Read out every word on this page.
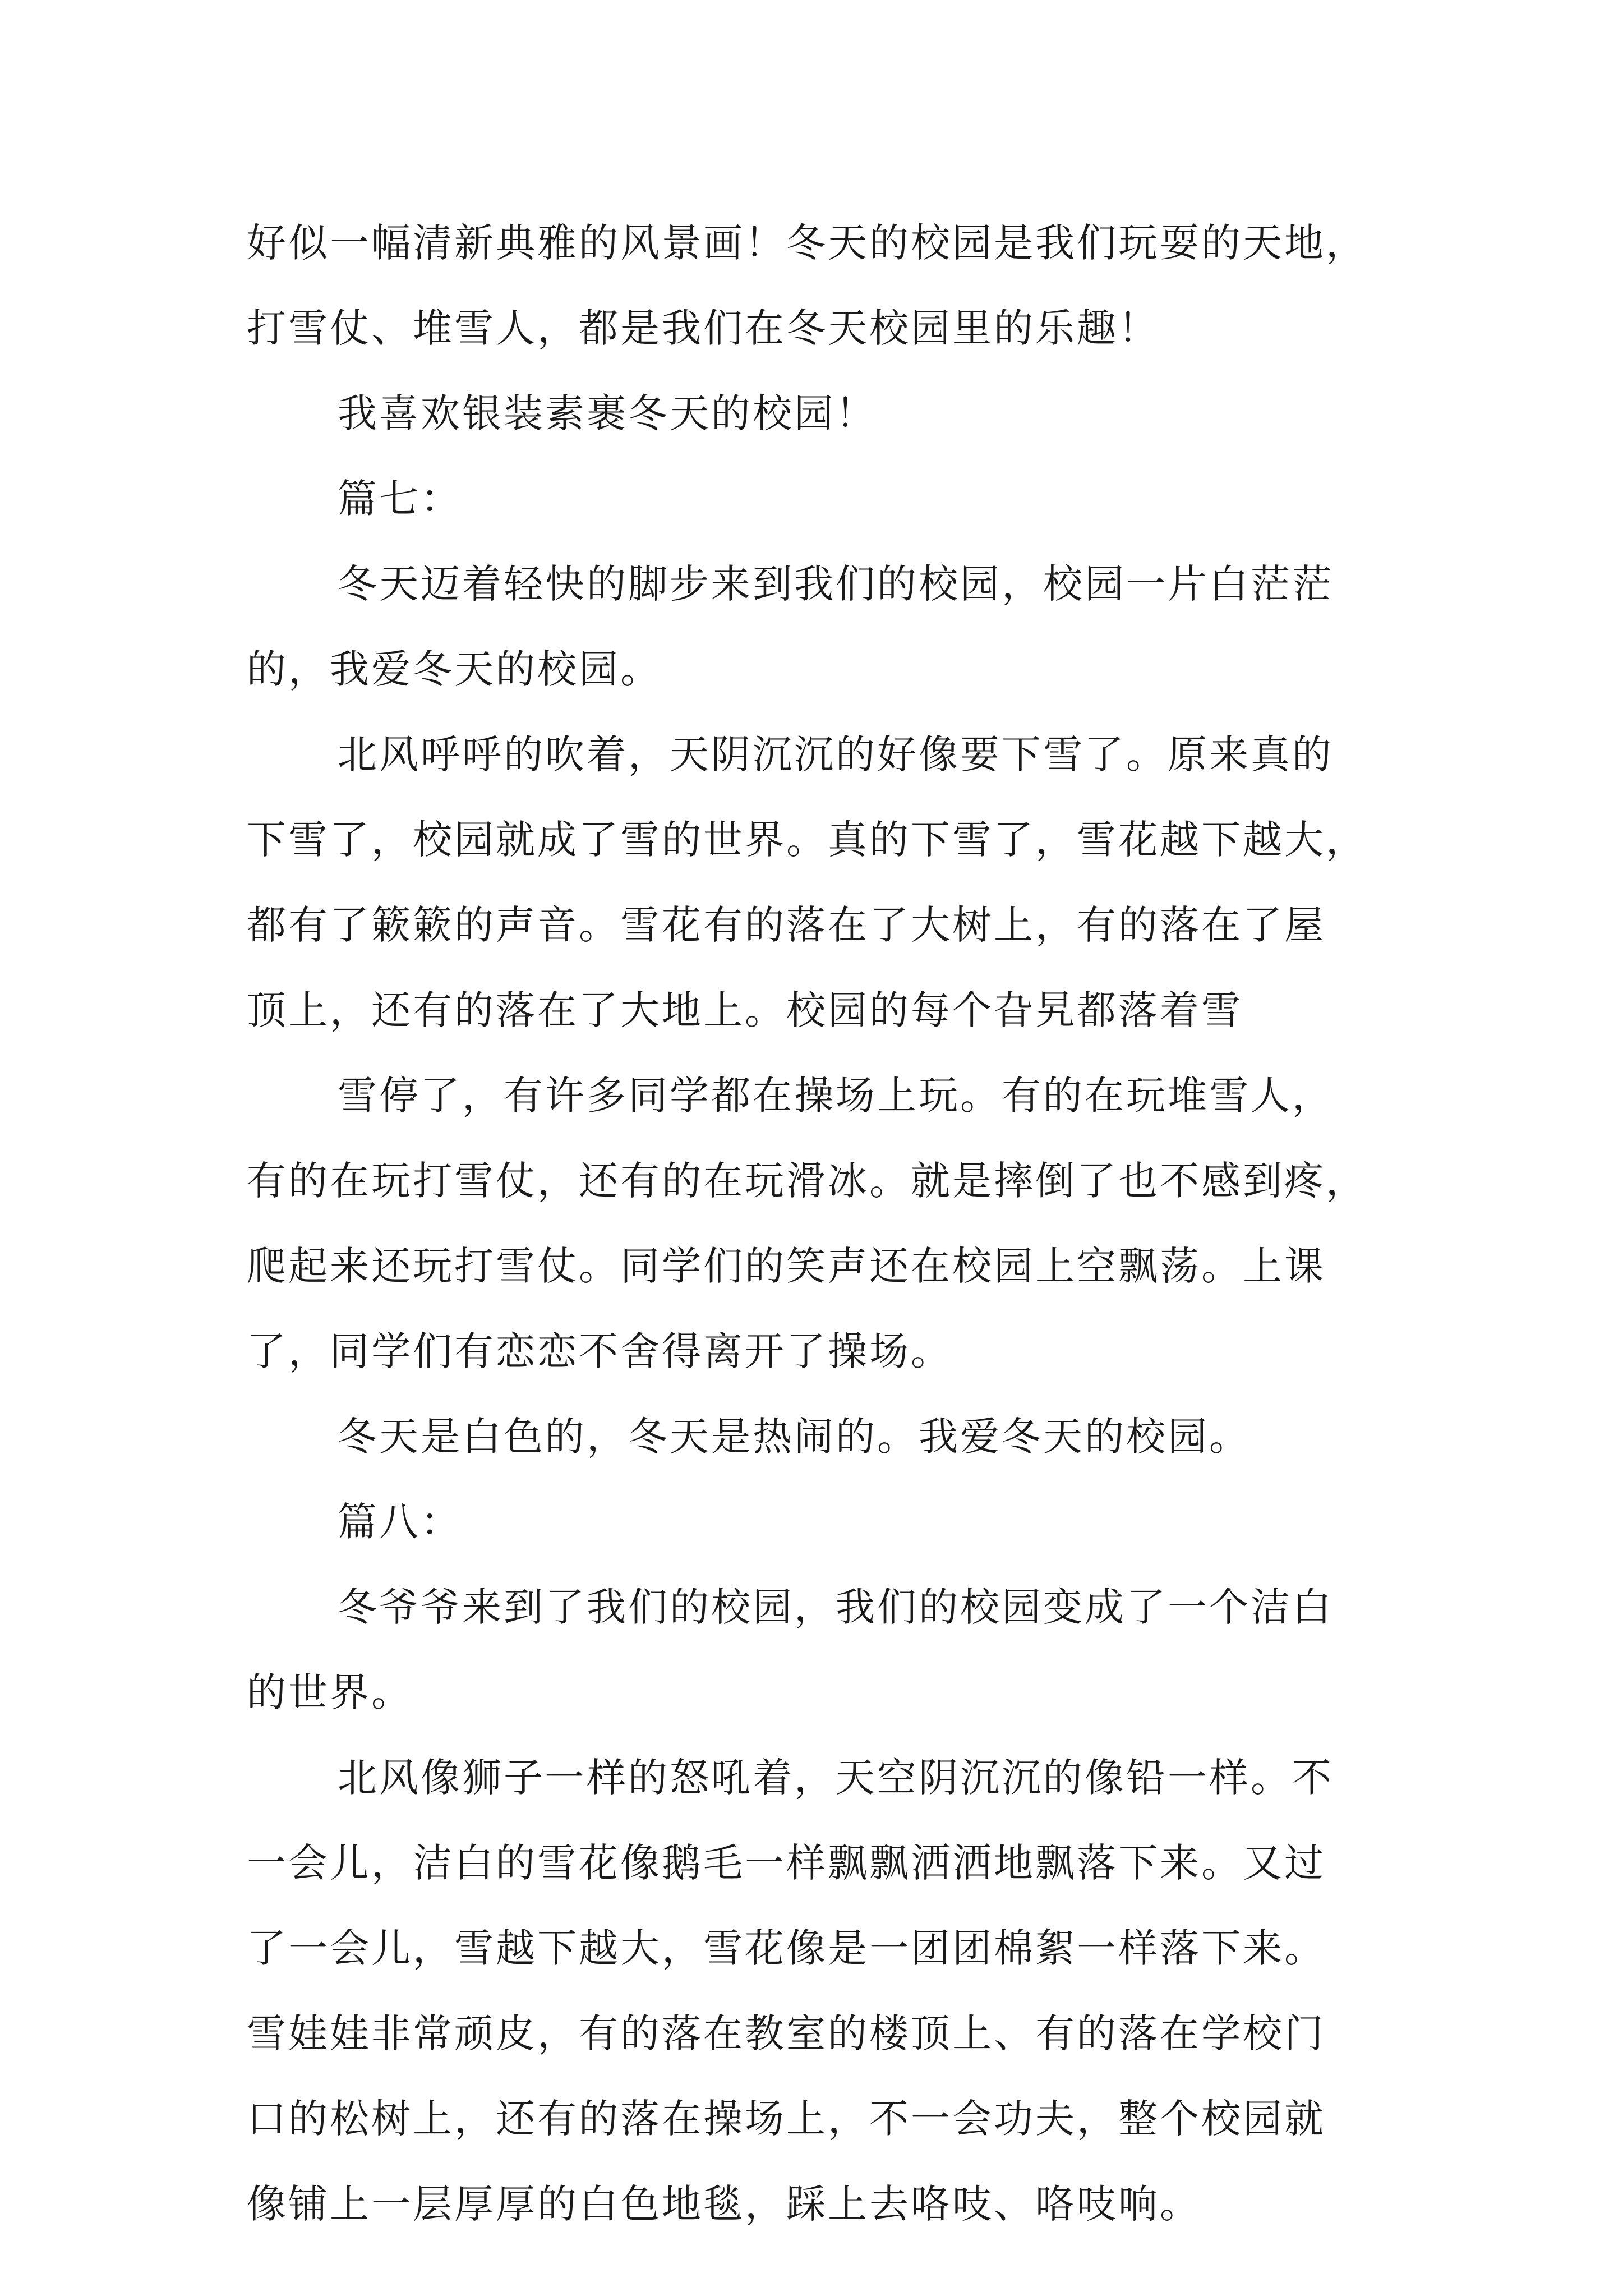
好似一幅清新典雅的风景画！冬天的校园是我们玩耍的天地，
打雪仗、堆雪人，都是我们在冬天校园里的乐趣！
我喜欢银装素裹冬天的校园！
篇七：
冬天迈着轻快的脚步来到我们的校园，校园一片白茫茫
的，我爱冬天的校园。
北风呼呼的吹着，天阴沉沉的好像要下雪了。原来真的
下雪了，校园就成了雪的世界。真的下雪了，雪花越下越大，
都有了簌簌的声音。雪花有的落在了大树上，有的落在了屋
顶上，还有的落在了大地上。校园的每个旮旯都落着雪
雪停了，有许多同学都在操场上玩。有的在玩堆雪人，
有的在玩打雪仗，还有的在玩滑冰。就是摔倒了也不感到疼，
爬起来还玩打雪仗。同学们的笑声还在校园上空飘荡。上课
了，同学们有恋恋不舍得离开了操场。
冬天是白色的，冬天是热闹的。我爱冬天的校园。
篇八：
冬爷爷来到了我们的校园，我们的校园变成了一个洁白
的世界。
北风像狮子一样的怒吼着，天空阴沉沉的像铅一样。不
一会儿，洁白的雪花像鹅毛一样飘飘洒洒地飘落下来。又过
了一会儿，雪越下越大，雪花像是一团团棉絮一样落下来。
雪娃娃非常顽皮，有的落在教室的楼顶上、有的落在学校门
口的松树上，还有的落在操场上，不一会功夫，整个校园就
像铺上一层厚厚的白色地毯，踩上去咯吱、咯吱响。
